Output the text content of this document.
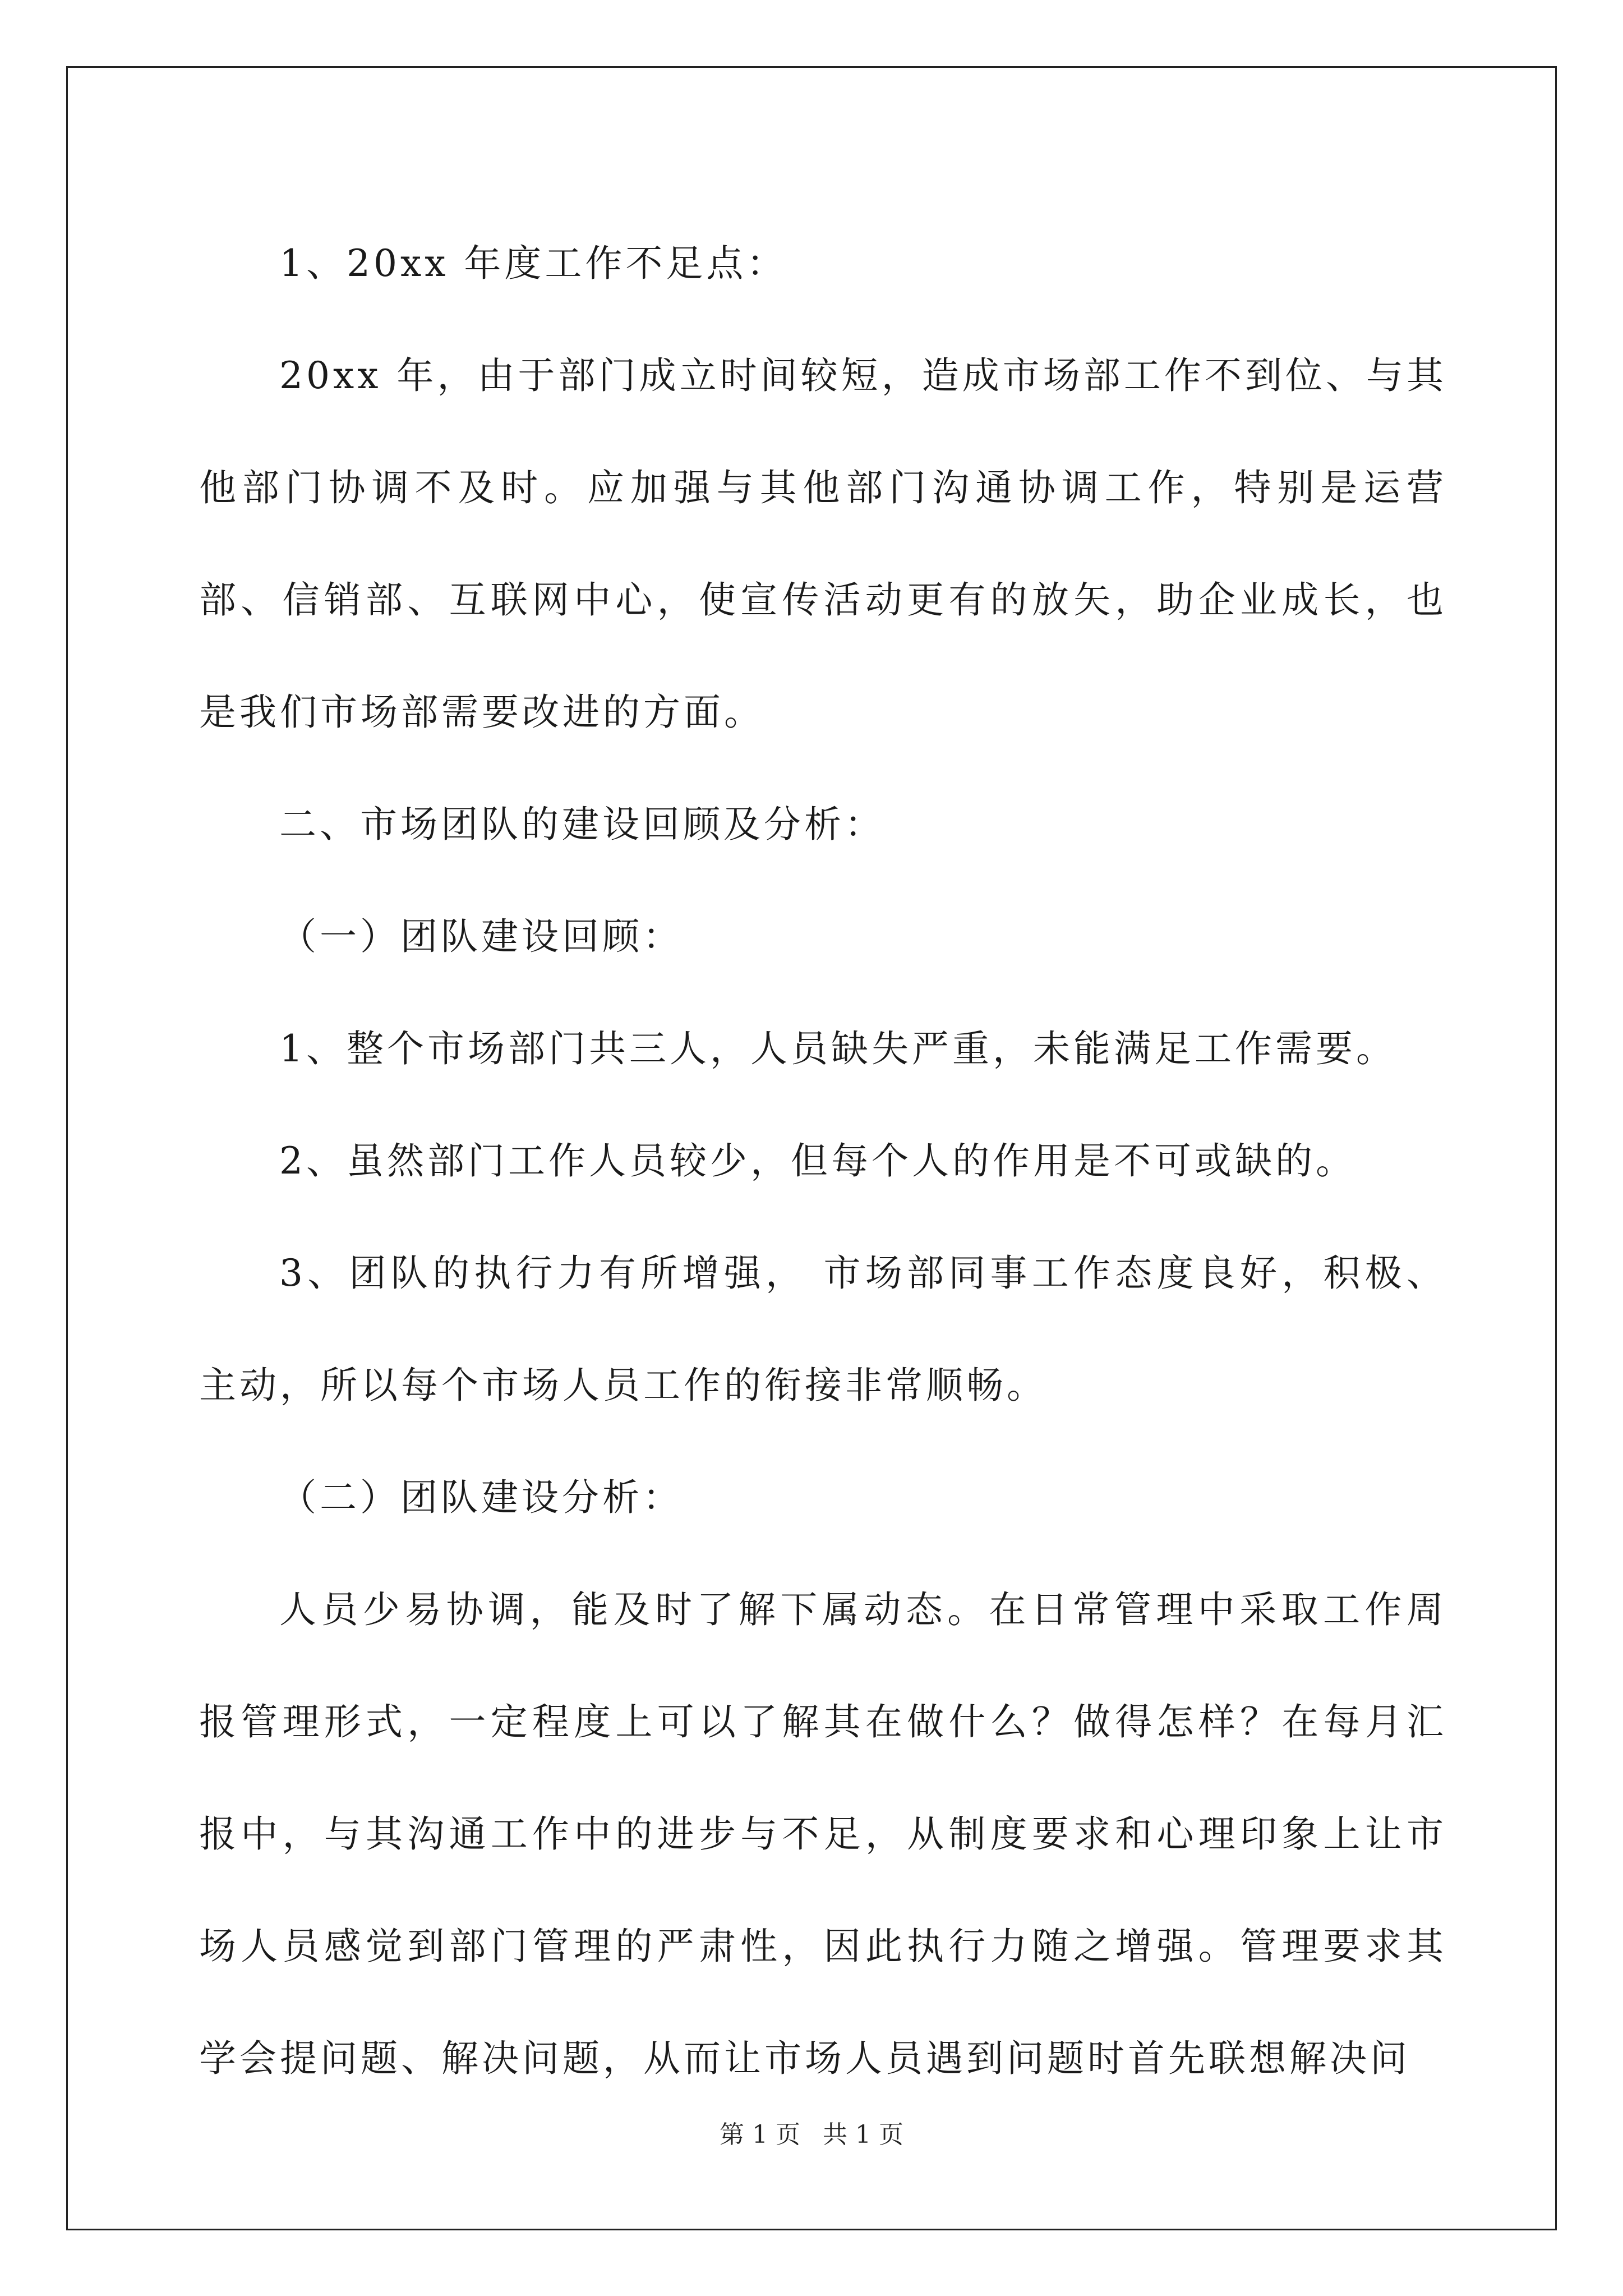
1、20xx 年度工作不足点：

20xx 年，由于部门成立时间较短，造成市场部工作不到位、与其他部门协调不及时。应加强与其他部门沟通协调工作，特别是运营部、信销部、互联网中心，使宣传活动更有的放矢，助企业成长，也是我们市场部需要改进的方面。

二、市场团队的建设回顾及分析：

（一）团队建设回顾：

1、整个市场部门共三人，人员缺失严重，未能满足工作需要。

2、虽然部门工作人员较少，但每个人的作用是不可或缺的。

3、团队的执行力有所增强， 市场部同事工作态度良好，积极、主动，所以每个市场人员工作的衔接非常顺畅。

（二）团队建设分析：

人员少易协调，能及时了解下属动态。在日常管理中采取工作周报管理形式，一定程度上可以了解其在做什么？做得怎样？在每月汇报中，与其沟通工作中的进步与不足，从制度要求和心理印象上让市场人员感觉到部门管理的严肃性，因此执行力随之增强。管理要求其学会提问题、解决问题，从而让市场人员遇到问题时首先联想解决问

第 1 页 共 1 页
